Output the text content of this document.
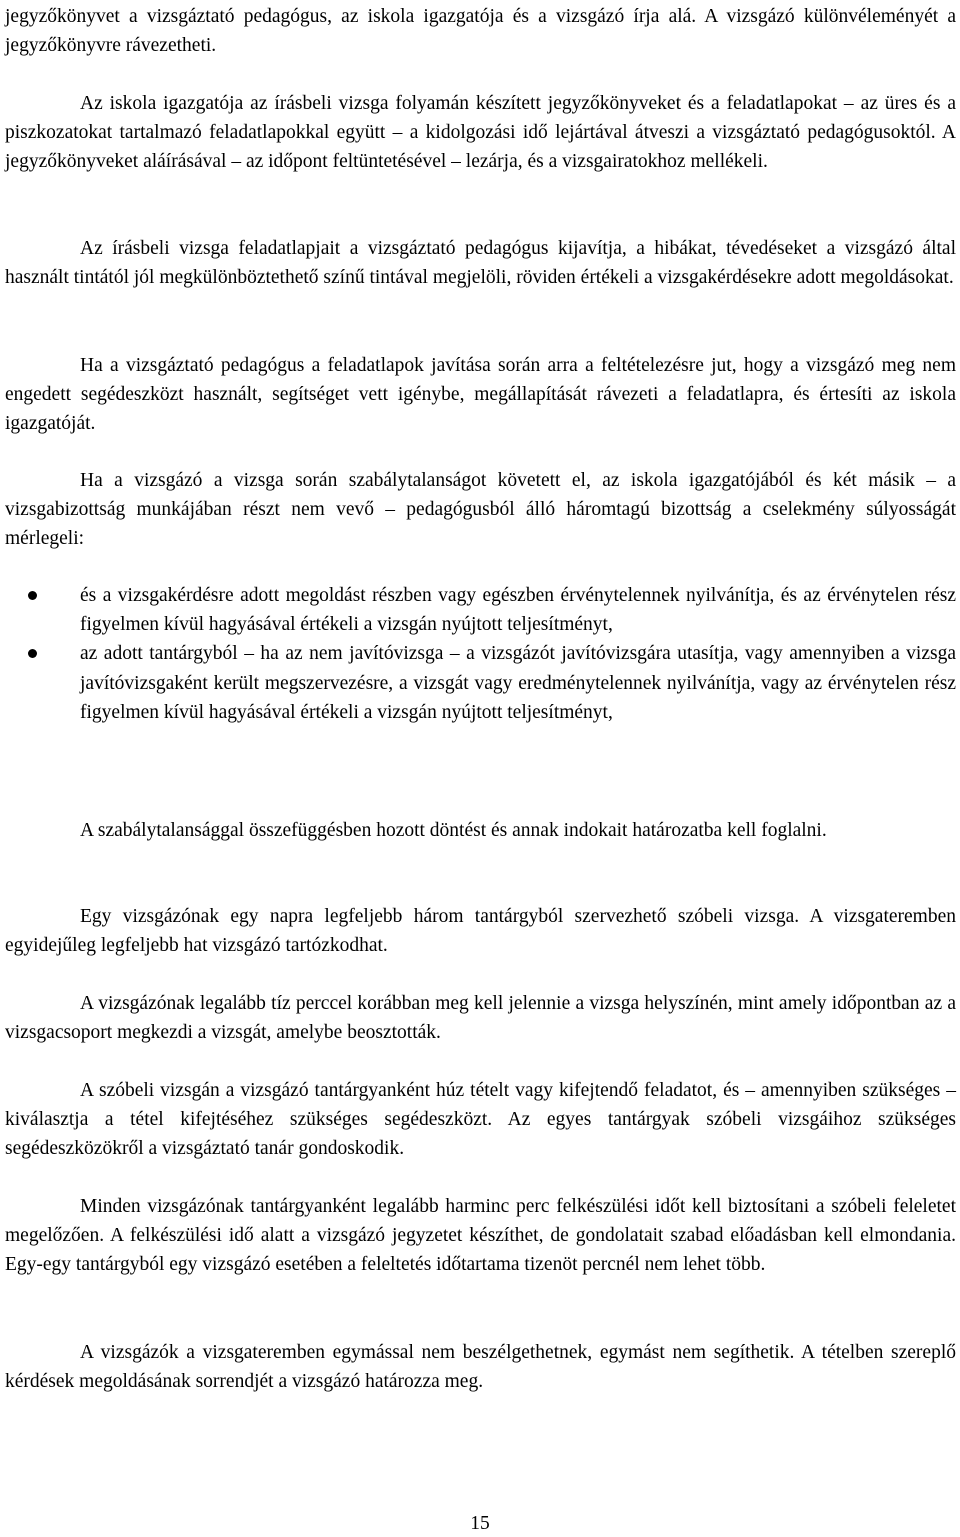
jegyzőkönyvet a vizsgáztató pedagógus, az iskola igazgatója és a vizsgázó írja alá. A vizsgázó különvéleményét a jegyzőkönyvre rávezetheti.

Az iskola igazgatója az írásbeli vizsga folyamán készített jegyzőkönyveket és a feladatlapokat – az üres és a piszkozatokat tartalmazó feladatlapokkal együtt – a kidolgozási idő lejártával átveszi a vizsgáztató pedagógusoktól. A jegyzőkönyveket aláírásával – az időpont feltüntetésével – lezárja, és a vizsgairatokhoz mellékeli.

Az írásbeli vizsga feladatlapjait a vizsgáztató pedagógus kijavítja, a hibákat, tévedéseket a vizsgázó által használt tintától jól megkülönböztethető színű tintával megjelöli, röviden értékeli a vizsgakérdésekre adott megoldásokat.

Ha a vizsgáztató pedagógus a feladatlapok javítása során arra a feltételezésre jut, hogy a vizsgázó meg nem engedett segédeszközt használt, segítséget vett igénybe, megállapítását rávezeti a feladatlapra, és értesíti az iskola igazgatóját.

Ha a vizsgázó a vizsga során szabálytalanságot követett el, az iskola igazgatójából és két másik – a vizsgabizottság munkájában részt nem vevő – pedagógusból álló háromtagú bizottság a cselekmény súlyosságát mérlegeli:

és a vizsgakérdésre adott megoldást részben vagy egészben érvénytelennek nyilvánítja, és az érvénytelen rész figyelmen kívül hagyásával értékeli a vizsgán nyújtott teljesítményt,
az adott tantárgyból – ha az nem javítóvizsga – a vizsgázót javítóvizsgára utasítja, vagy amennyiben a vizsga javítóvizsgaként került megszervezésre, a vizsgát vagy eredménytelennek nyilvánítja, vagy az érvénytelen rész figyelmen kívül hagyásával értékeli a vizsgán nyújtott teljesítményt,

A szabálytalansággal összefüggésben hozott döntést és annak indokait határozatba kell foglalni.

Egy vizsgázónak egy napra legfeljebb három tantárgyból szervezhető szóbeli vizsga. A vizsgateremben egyidejűleg legfeljebb hat vizsgázó tartózkodhat.

A vizsgázónak legalább tíz perccel korábban meg kell jelennie a vizsga helyszínén, mint amely időpontban az a vizsgacsoport megkezdi a vizsgát, amelybe beosztották.

A szóbeli vizsgán a vizsgázó tantárgyanként húz tételt vagy kifejtendő feladatot, és – amennyiben szükséges – kiválasztja a tétel kifejtéséhez szükséges segédeszközt. Az egyes tantárgyak szóbeli vizsgáihoz szükséges segédeszközökről a vizsgáztató tanár gondoskodik.

Minden vizsgázónak tantárgyanként legalább harminc perc felkészülési időt kell biztosítani a szóbeli feleletet megelőzően. A felkészülési idő alatt a vizsgázó jegyzetet készíthet, de gondolatait szabad előadásban kell elmondania. Egy-egy tantárgyból egy vizsgázó esetében a feleltetés időtartama tizenöt percnél nem lehet több.

A vizsgázók a vizsgateremben egymással nem beszélgethetnek, egymást nem segíthetik. A tételben szereplő kérdések megoldásának sorrendjét a vizsgázó határozza meg.

15
